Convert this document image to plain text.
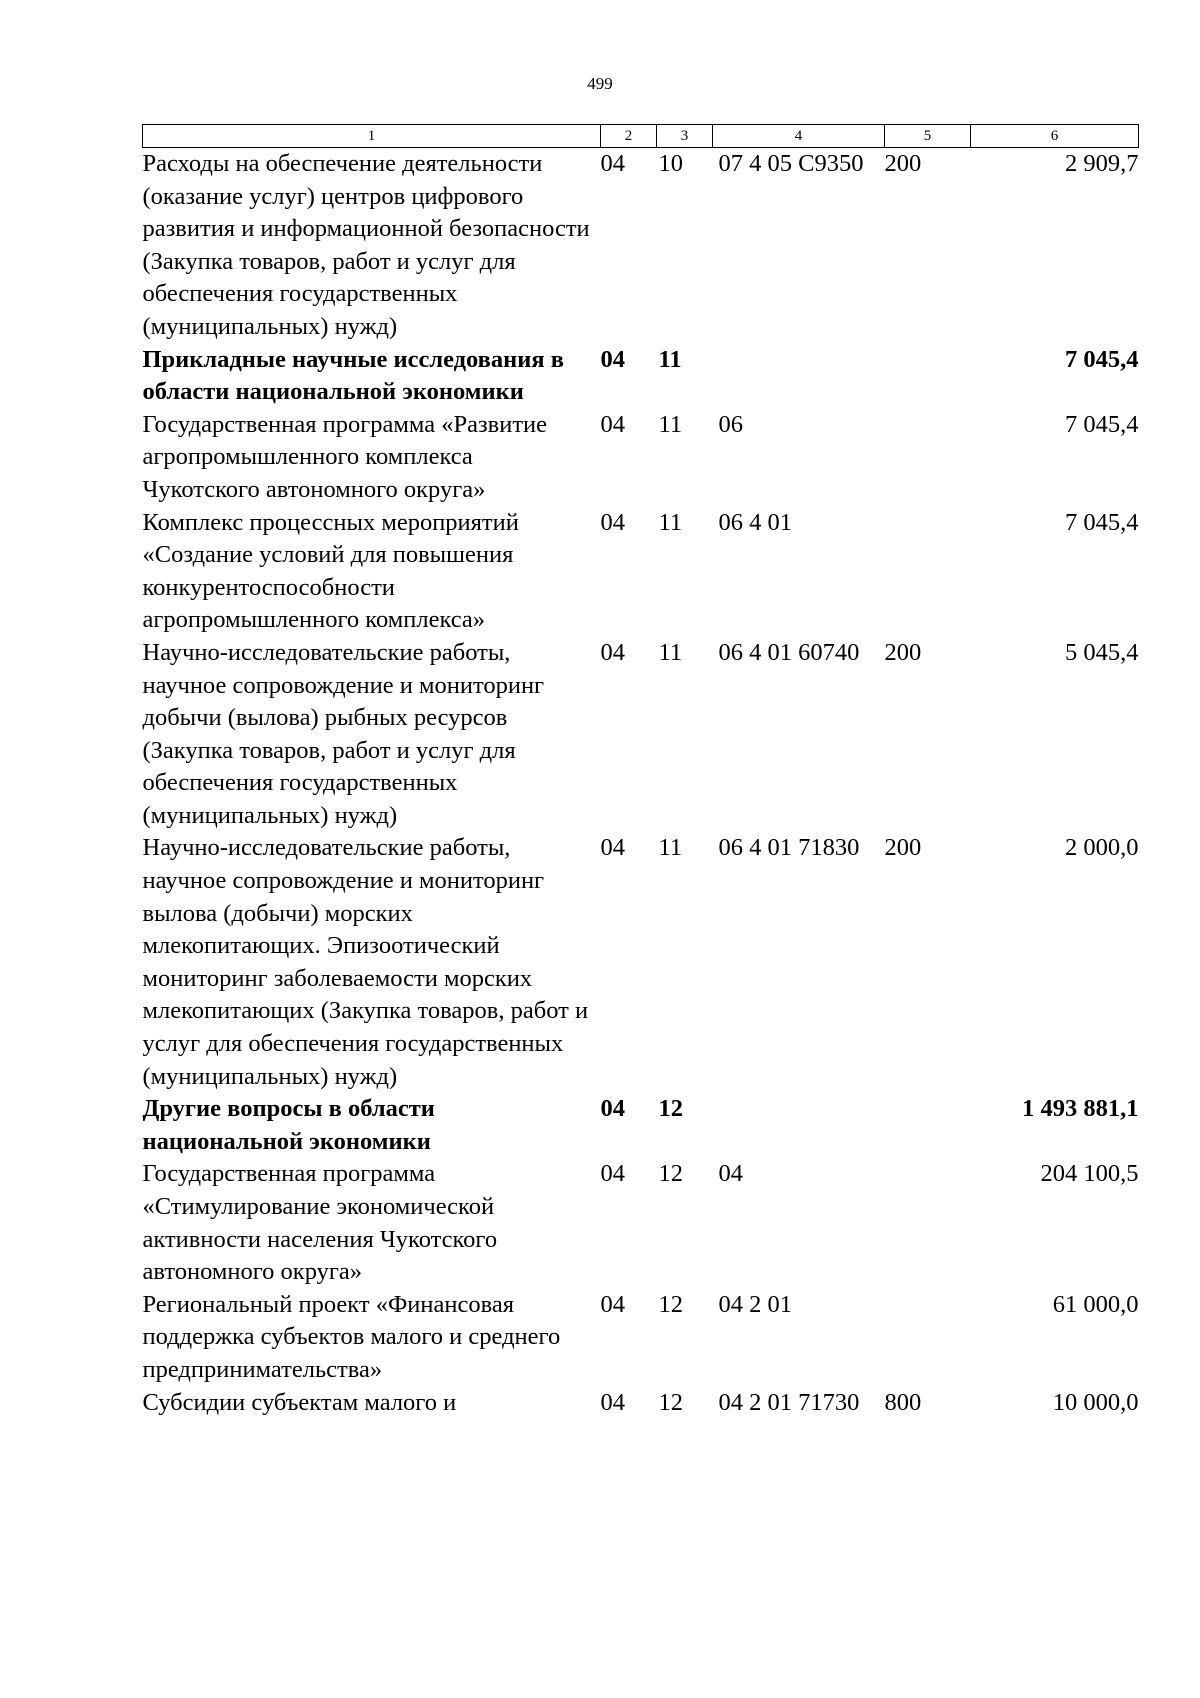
499
1	2	3	4	5	6
Расходы на обеспечение деятельности (оказание услуг) центров цифрового развития и информационной безопасности (Закупка товаров, работ и услуг для обеспечения государственных (муниципальных) нужд)	04	10	07 4 05 С9350	200	2 909,7
Прикладные научные исследования в области национальной экономики	04	11			7 045,4
Государственная программа «Развитие агропромышленного комплекса Чукотского автономного округа»	04	11	06		7 045,4
Комплекс процессных мероприятий «Создание условий для повышения конкурентоспособности агропромышленного комплекса»	04	11	06 4 01		7 045,4
Научно-исследовательские работы, научное сопровождение и мониторинг добычи (вылова) рыбных ресурсов (Закупка товаров, работ и услуг для обеспечения государственных (муниципальных) нужд)	04	11	06 4 01 60740	200	5 045,4
Научно-исследовательские работы, научное сопровождение и мониторинг вылова (добычи) морских млекопитающих. Эпизоотический мониторинг заболеваемости морских млекопитающих (Закупка товаров, работ и услуг для обеспечения государственных (муниципальных) нужд)	04	11	06 4 01 71830	200	2 000,0
Другие вопросы в области национальной экономики	04	12			1 493 881,1
Государственная программа «Стимулирование экономической активности населения Чукотского автономного округа»	04	12	04		204 100,5
Региональный проект «Финансовая поддержка субъектов малого и среднего предпринимательства»	04	12	04 2 01		61 000,0
Субсидии субъектам малого и	04	12	04 2 01 71730	800	10 000,0
